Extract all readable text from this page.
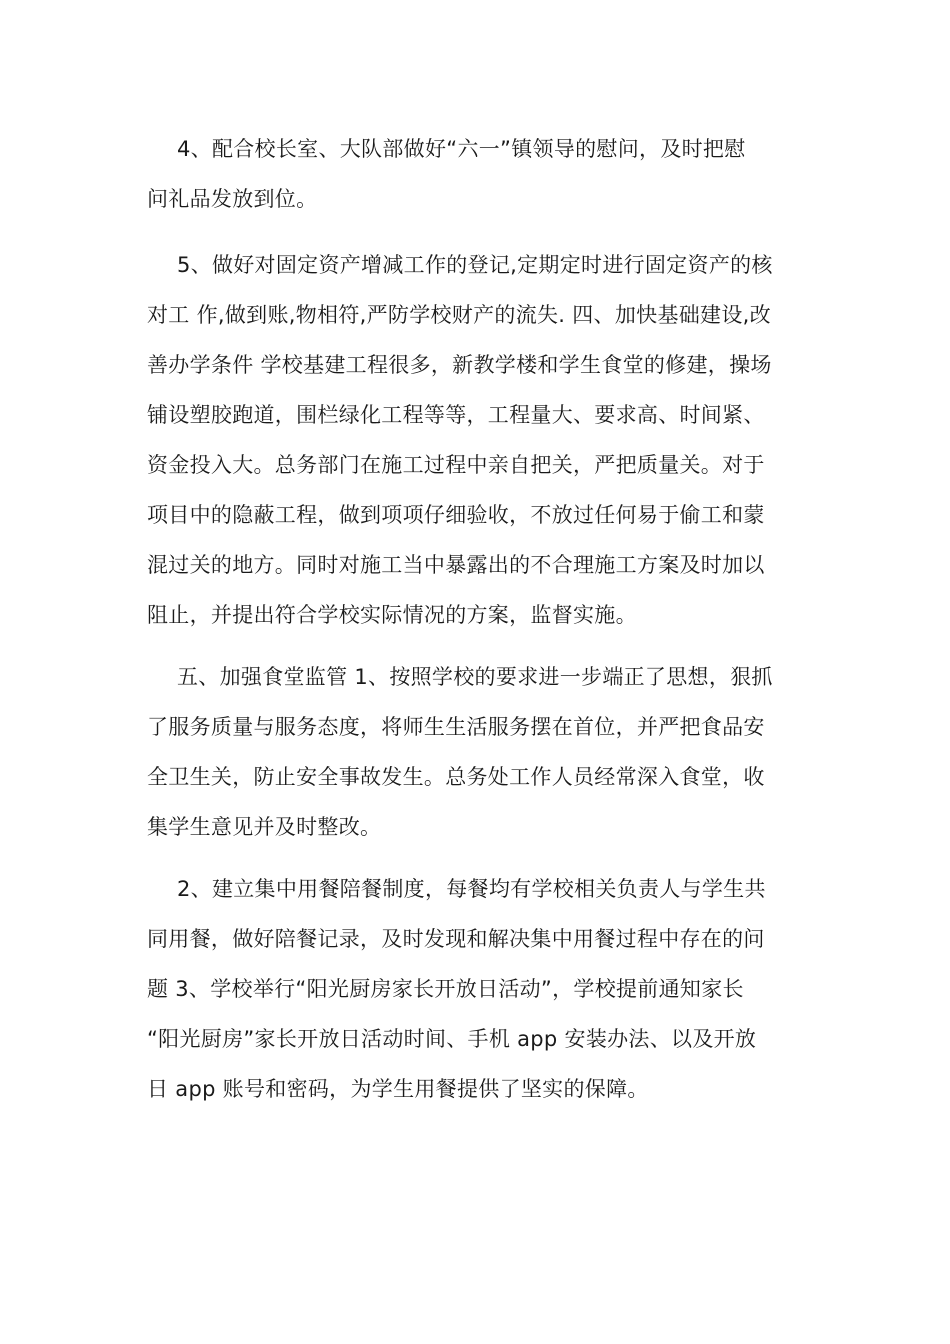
4、配合校长室、大队部做好“六一”镇领导的慰问，及时把慰
问礼品发放到位。
5、做好对固定资产增减工作的登记,定期定时进行固定资产的核
对工 作,做到账,物相符,严防学校财产的流失. 四、加快基础建设,改
善办学条件 学校基建工程很多，新教学楼和学生食堂的修建，操场
铺设塑胶跑道，围栏绿化工程等等，工程量大、要求高、时间紧、
资金投入大。总务部门在施工过程中亲自把关，严把质量关。对于
项目中的隐蔽工程，做到项项仔细验收，不放过任何易于偷工和蒙
混过关的地方。同时对施工当中暴露出的不合理施工方案及时加以
阻止，并提出符合学校实际情况的方案，监督实施。
五、加强食堂监管 1、按照学校的要求进一步端正了思想，狠抓
了服务质量与服务态度，将师生生活服务摆在首位，并严把食品安
全卫生关，防止安全事故发生。总务处工作人员经常深入食堂，收
集学生意见并及时整改。
2、建立集中用餐陪餐制度，每餐均有学校相关负责人与学生共
同用餐，做好陪餐记录，及时发现和解决集中用餐过程中存在的问
题 3、学校举行“阳光厨房家长开放日活动”，学校提前通知家长
“阳光厨房”家长开放日活动时间、手机 app 安装办法、以及开放
日 app 账号和密码，为学生用餐提供了坚实的保障。
